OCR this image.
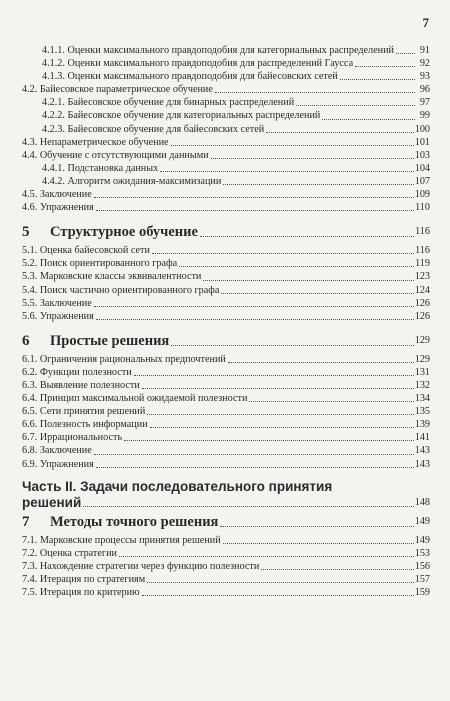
7
4.1.1. Оценки максимального правдоподобия для категориальных распределений	91
4.1.2. Оценки максимального правдоподобия для распределений Гаусса	92
4.1.3. Оценки максимального правдоподобия для байесовских сетей	93
4.2. Байесовское параметрическое обучение	96
4.2.1. Байесовское обучение для бинарных распределений	97
4.2.2. Байесовское обучение для категориальных распределений	99
4.2.3. Байесовское обучение для байесовских сетей	100
4.3. Непараметрическое обучение	101
4.4. Обучение с отсутствующими данными	103
4.4.1. Подстановка данных	104
4.4.2. Алгоритм ожидания-максимизации	107
4.5. Заключение	109
4.6. Упражнения	110
5	Структурное обучение	116
5.1. Оценка байесовской сети	116
5.2. Поиск ориентированного графа	119
5.3. Марковские классы эквивалентности	123
5.4. Поиск частично ориентированного графа	124
5.5. Заключение	126
5.6. Упражнения	126
6	Простые решения	129
6.1. Ограничения рациональных предпочтений	129
6.2. Функции полезности	131
6.3. Выявление полезности	132
6.4. Принцип максимальной ожидаемой полезности	134
6.5. Сети принятия решений	135
6.6. Полезность информации	139
6.7. Иррациональность	141
6.8. Заключение	143
6.9. Упражнения	143
Часть II. Задачи последовательного принятия
решений	148
7	Методы точного решения	149
7.1. Марковские процессы принятия решений	149
7.2. Оценка стратегии	153
7.3. Нахождение стратегии через функцию полезности	156
7.4. Итерация по стратегиям	157
7.5. Итерация по критерию	159
